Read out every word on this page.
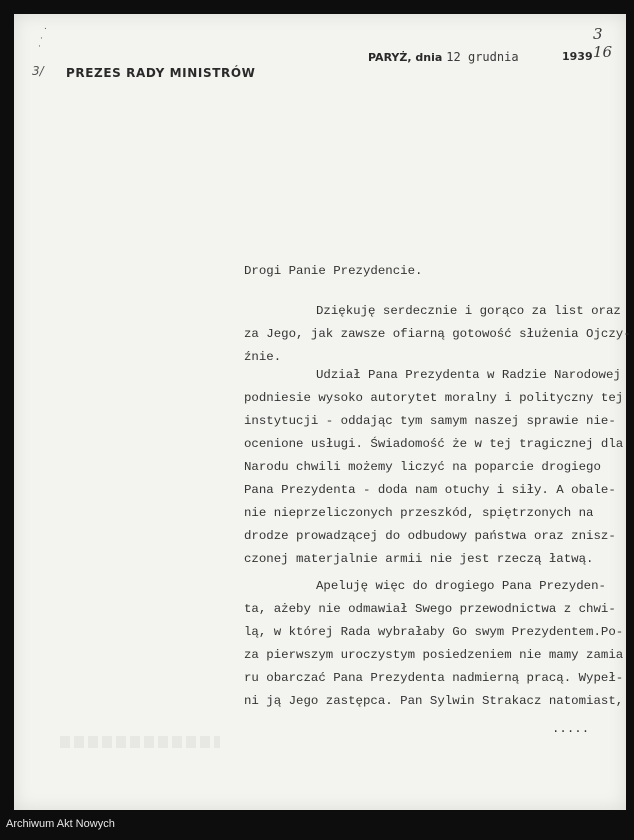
.
·
·
3/ PREZES RADY MINISTRÓW
PARYŻ, dnia 12 grudnia	1939
3
16
Drogi Panie Prezydencie.
Dziękuję serdecznie i gorąco za list oraz
za Jego, jak zawsze ofiarną gotowość służenia Ojczy-
źnie.
Udział Pana Prezydenta w Radzie Narodowej
podniesie wysoko autorytet moralny i polityczny tej
instytucji - oddając tym samym naszej sprawie nie-
ocenione usługi. Świadomość że w tej tragicznej dla
Narodu chwili możemy liczyć na poparcie drogiego
Pana Prezydenta - doda nam otuchy i siły. A obale-
nie nieprzeliczonych przeszkód, spiętrzonych na
drodze prowadzącej do odbudowy państwa oraz znisz-
czonej materjalnie armii nie jest rzeczą łatwą.
Apeluję więc do drogiego Pana Prezyden-
ta, ażeby nie odmawiał Swego przewodnictwa z chwi-
lą, w której Rada wybrałaby Go swym Prezydentem.Po-
za pierwszym uroczystym posiedzeniem nie mamy zamia
ru obarczać Pana Prezydenta nadmierną pracą. Wypeł-
ni ją Jego zastępca. Pan Sylwin Strakacz natomiast,
.....
Archiwum Akt Nowych
